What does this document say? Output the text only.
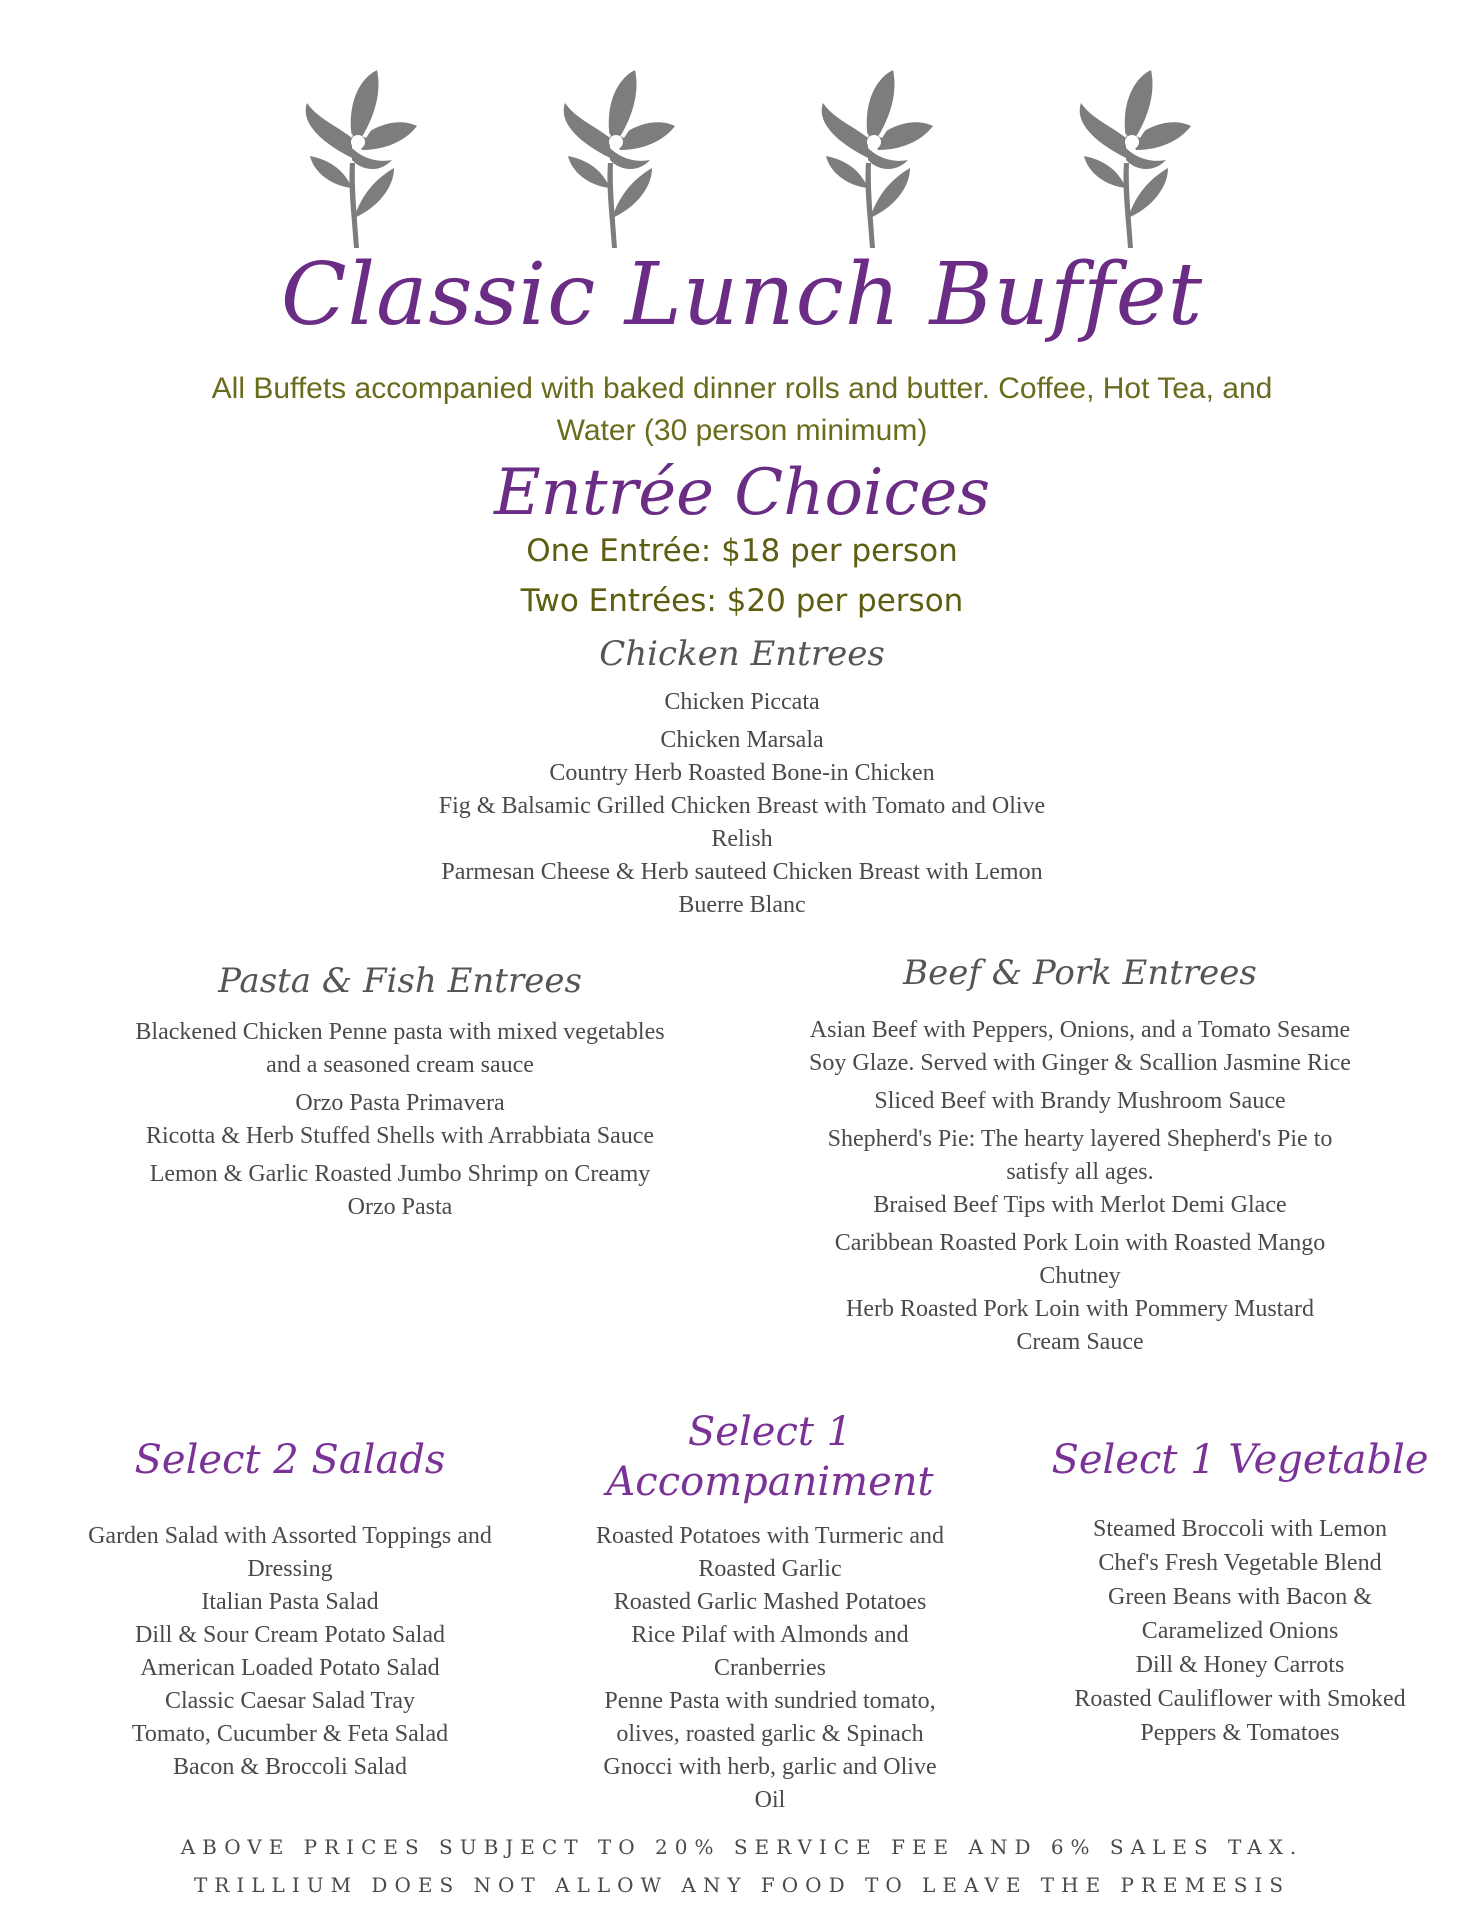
Classic Lunch Buffet
All Buffets accompanied with baked dinner rolls and butter. Coffee, Hot Tea, and Water (30 person minimum)
Entrée Choices
One Entrée: $18 per person
Two Entrées: $20 per person
Chicken Entrees
Chicken Piccata
Chicken Marsala
Country Herb Roasted Bone-in Chicken
Fig & Balsamic Grilled Chicken Breast with Tomato and Olive Relish
Parmesan Cheese & Herb sauteed Chicken Breast with Lemon Buerre Blanc
Pasta & Fish Entrees
Blackened Chicken Penne pasta with mixed vegetables and a seasoned cream sauce
Orzo Pasta Primavera
Ricotta & Herb Stuffed Shells with Arrabbiata Sauce
Lemon & Garlic Roasted Jumbo Shrimp on Creamy Orzo Pasta
Beef & Pork Entrees
Asian Beef with Peppers, Onions, and a Tomato Sesame Soy Glaze. Served with Ginger & Scallion Jasmine Rice
Sliced Beef with Brandy Mushroom Sauce
Shepherd's Pie: The hearty layered Shepherd's Pie to satisfy all ages.
Braised Beef Tips with Merlot Demi Glace
Caribbean Roasted Pork Loin with Roasted Mango Chutney
Herb Roasted Pork Loin with Pommery Mustard Cream Sauce
Select 2 Salads
Garden Salad with Assorted Toppings and Dressing
Italian Pasta Salad
Dill & Sour Cream Potato Salad
American Loaded Potato Salad
Classic Caesar Salad Tray
Tomato, Cucumber & Feta Salad
Bacon & Broccoli Salad
Select 1
Accompaniment
Roasted Potatoes with Turmeric and Roasted Garlic
Roasted Garlic Mashed Potatoes
Rice Pilaf with Almonds and Cranberries
Penne Pasta with sundried tomato, olives, roasted garlic & Spinach
Gnocci with herb, garlic and Olive Oil
Select 1 Vegetable
Steamed Broccoli with Lemon
Chef's Fresh Vegetable Blend
Green Beans with Bacon & Caramelized Onions
Dill & Honey Carrots
Roasted Cauliflower with Smoked Peppers & Tomatoes
ABOVE PRICES SUBJECT TO 20% SERVICE FEE AND 6% SALES TAX.
TRILLIUM DOES NOT ALLOW ANY FOOD TO LEAVE THE PREMESIS
